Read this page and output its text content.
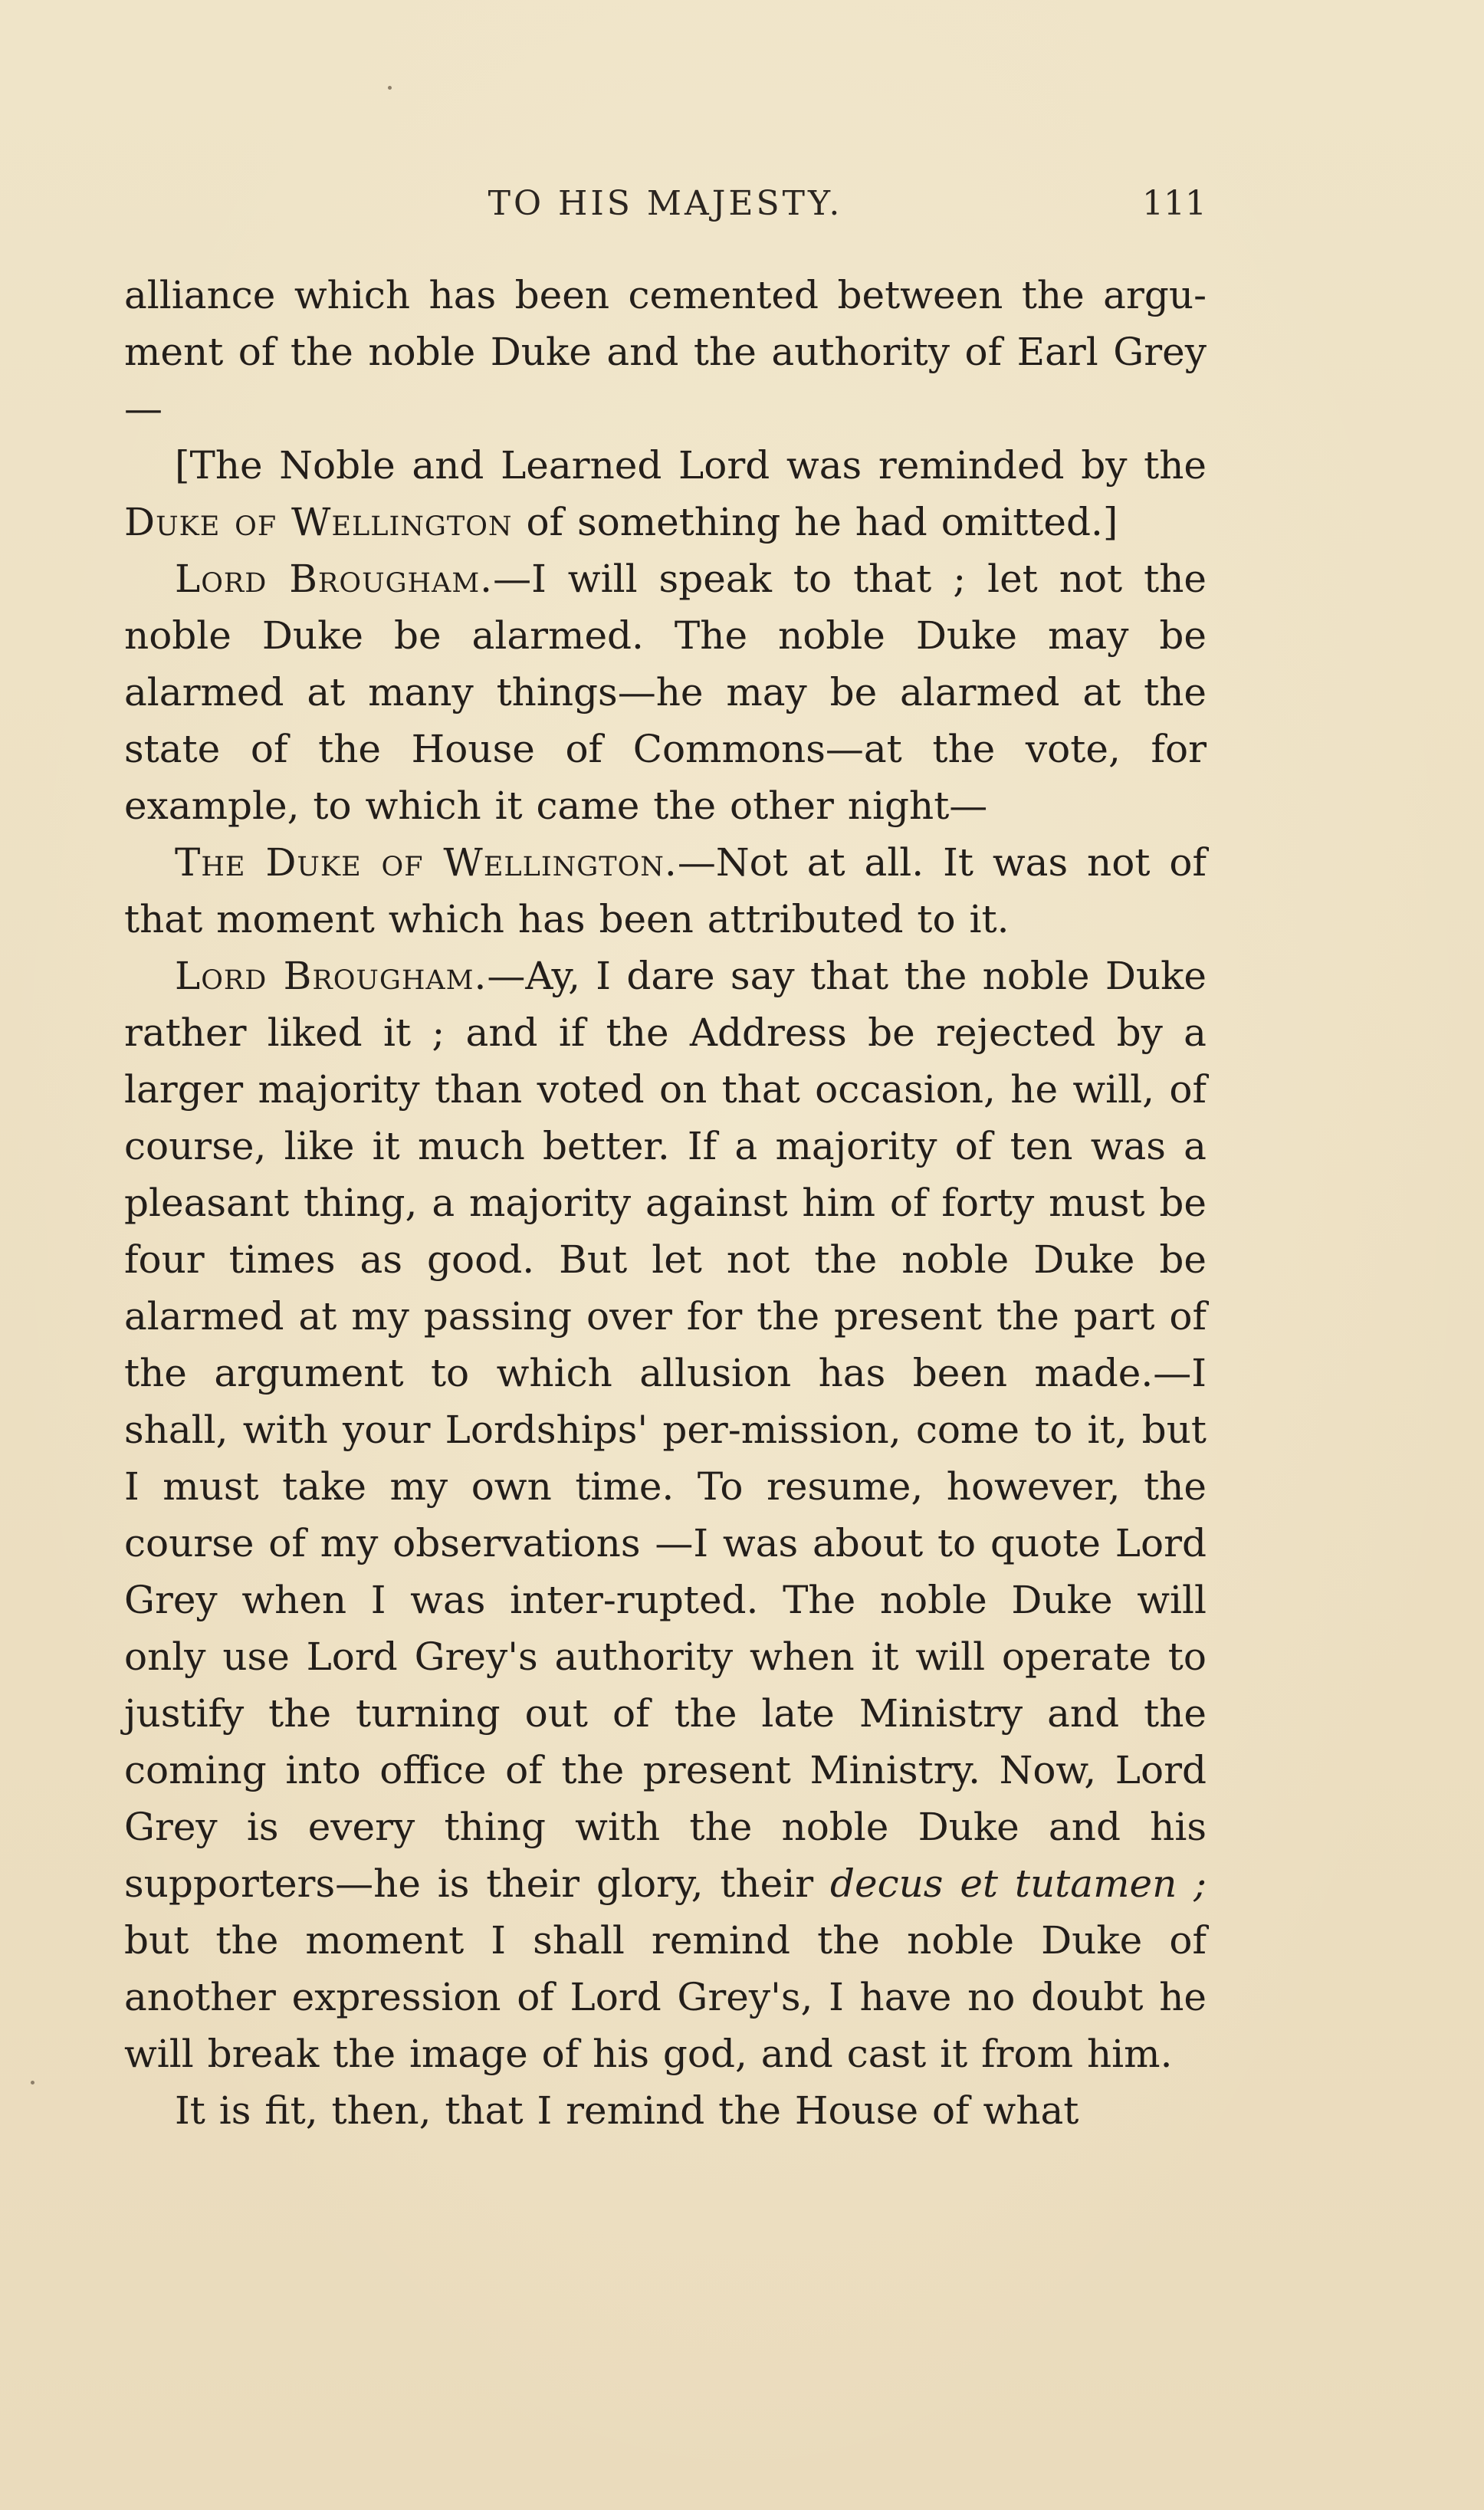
TO HIS MAJESTY.	111

alliance which has been cemented between the argu-ment of the noble Duke and the authority of Earl Grey—

[The Noble and Learned Lord was reminded by the Duke of Wellington of something he had omitted.]

Lord Brougham.—I will speak to that ; let not the noble Duke be alarmed. The noble Duke may be alarmed at many things—he may be alarmed at the state of the House of Commons—at the vote, for example, to which it came the other night—

The Duke of Wellington.—Not at all. It was not of that moment which has been attributed to it.

Lord Brougham.—Ay, I dare say that the noble Duke rather liked it ; and if the Address be rejected by a larger majority than voted on that occasion, he will, of course, like it much better. If a majority of ten was a pleasant thing, a majority against him of forty must be four times as good. But let not the noble Duke be alarmed at my passing over for the present the part of the argument to which allusion has been made.—I shall, with your Lordships' per-mission, come to it, but I must take my own time. To resume, however, the course of my observations —I was about to quote Lord Grey when I was inter-rupted. The noble Duke will only use Lord Grey's authority when it will operate to justify the turning out of the late Ministry and the coming into office of the present Ministry. Now, Lord Grey is every thing with the noble Duke and his supporters—he is their glory, their decus et tutamen ; but the moment I shall remind the noble Duke of another expression of Lord Grey's, I have no doubt he will break the image of his god, and cast it from him.

It is fit, then, that I remind the House of what
